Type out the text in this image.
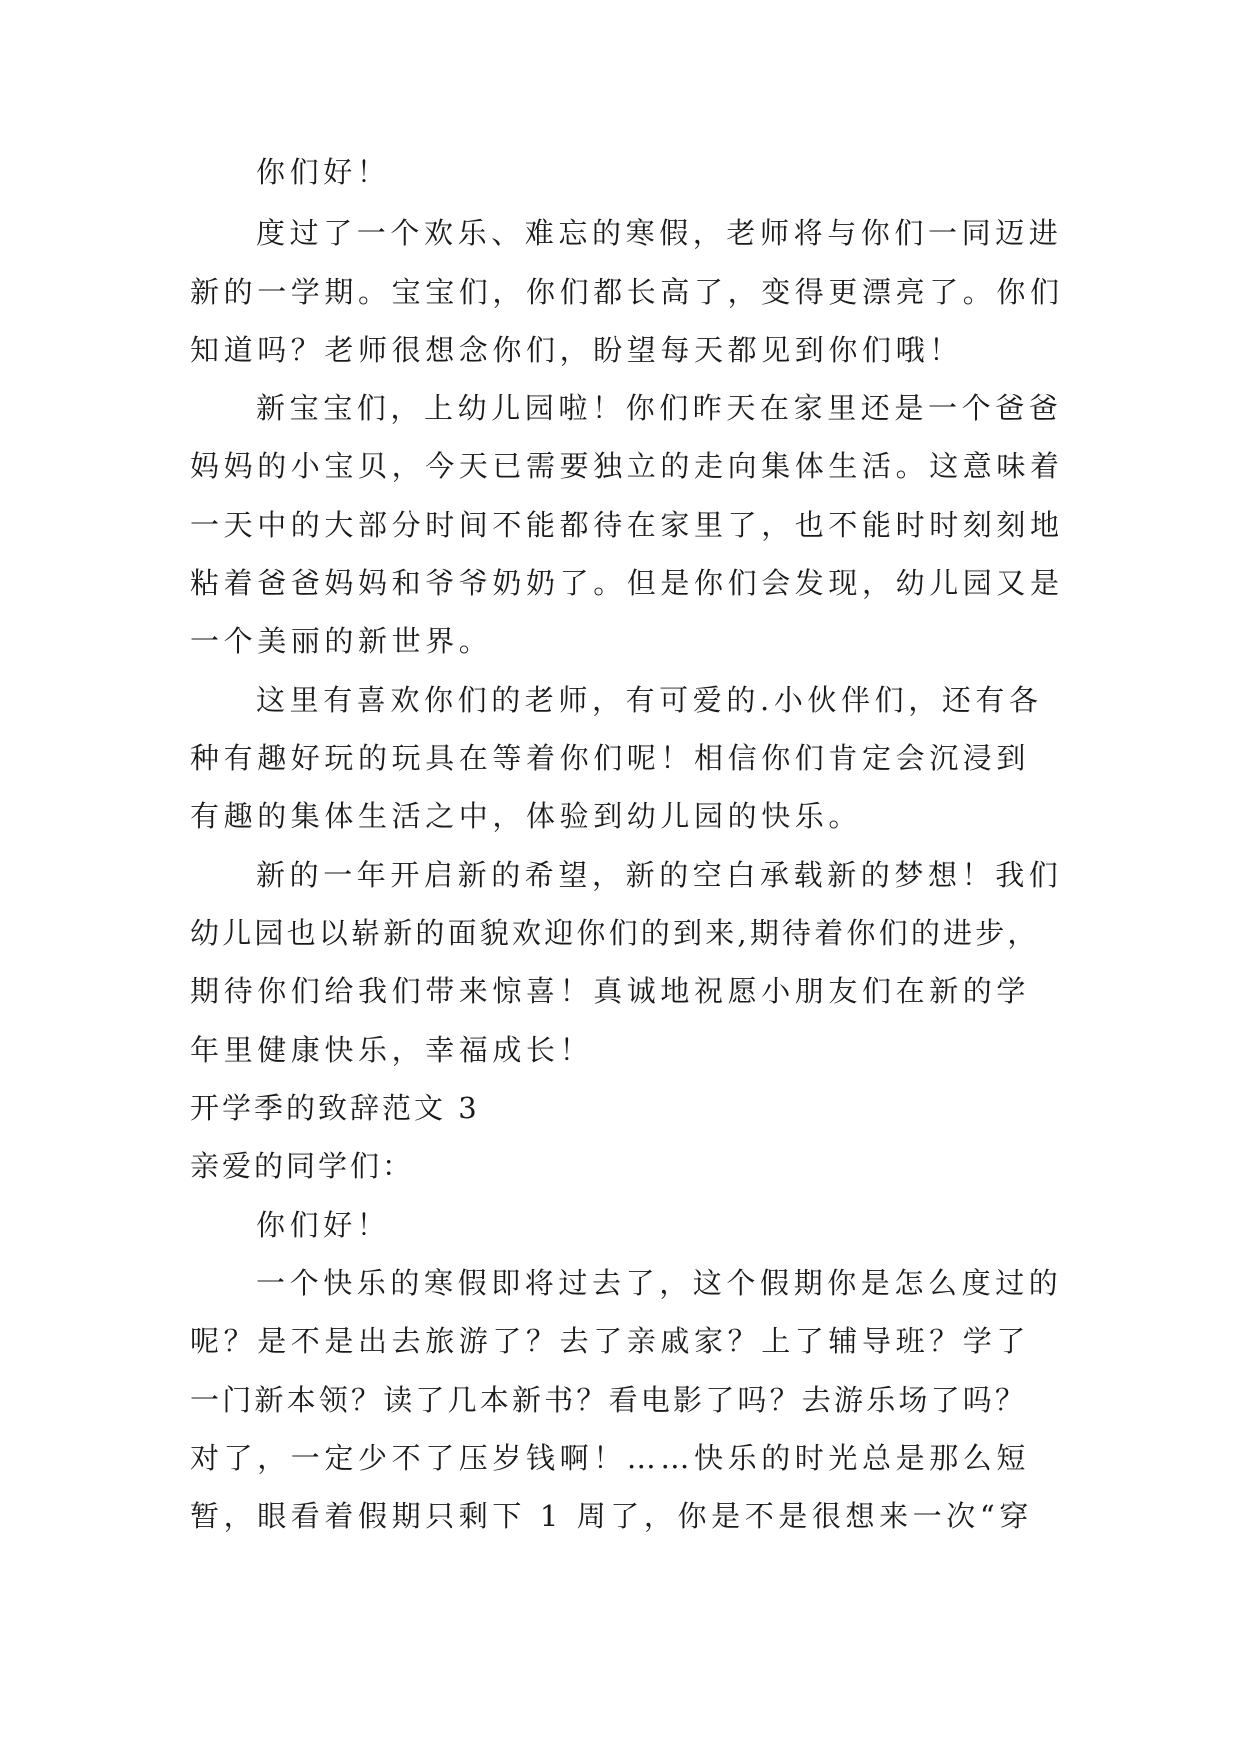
你们好！
度过了一个欢乐、难忘的寒假，老师将与你们一同迈进
新的一学期。宝宝们，你们都长高了，变得更漂亮了。你们
知道吗？老师很想念你们，盼望每天都见到你们哦！
新宝宝们，上幼儿园啦！你们昨天在家里还是一个爸爸
妈妈的小宝贝，今天已需要独立的走向集体生活。这意味着
一天中的大部分时间不能都待在家里了，也不能时时刻刻地
粘着爸爸妈妈和爷爷奶奶了。但是你们会发现，幼儿园又是
一个美丽的新世界。
这里有喜欢你们的老师，有可爱的.小伙伴们，还有各
种有趣好玩的玩具在等着你们呢！相信你们肯定会沉浸到
有趣的集体生活之中，体验到幼儿园的快乐。
新的一年开启新的希望，新的空白承载新的梦想！我们
幼儿园也以崭新的面貌欢迎你们的到来,期待着你们的进步，
期待你们给我们带来惊喜！真诚地祝愿小朋友们在新的学
年里健康快乐，幸福成长！
开学季的致辞范文 3
亲爱的同学们：
你们好！
一个快乐的寒假即将过去了，这个假期你是怎么度过的
呢？是不是出去旅游了？去了亲戚家？上了辅导班？学了
一门新本领？读了几本新书？看电影了吗？去游乐场了吗？
对了，一定少不了压岁钱啊！……快乐的时光总是那么短
暂，眼看着假期只剩下 1 周了，你是不是很想来一次“穿
